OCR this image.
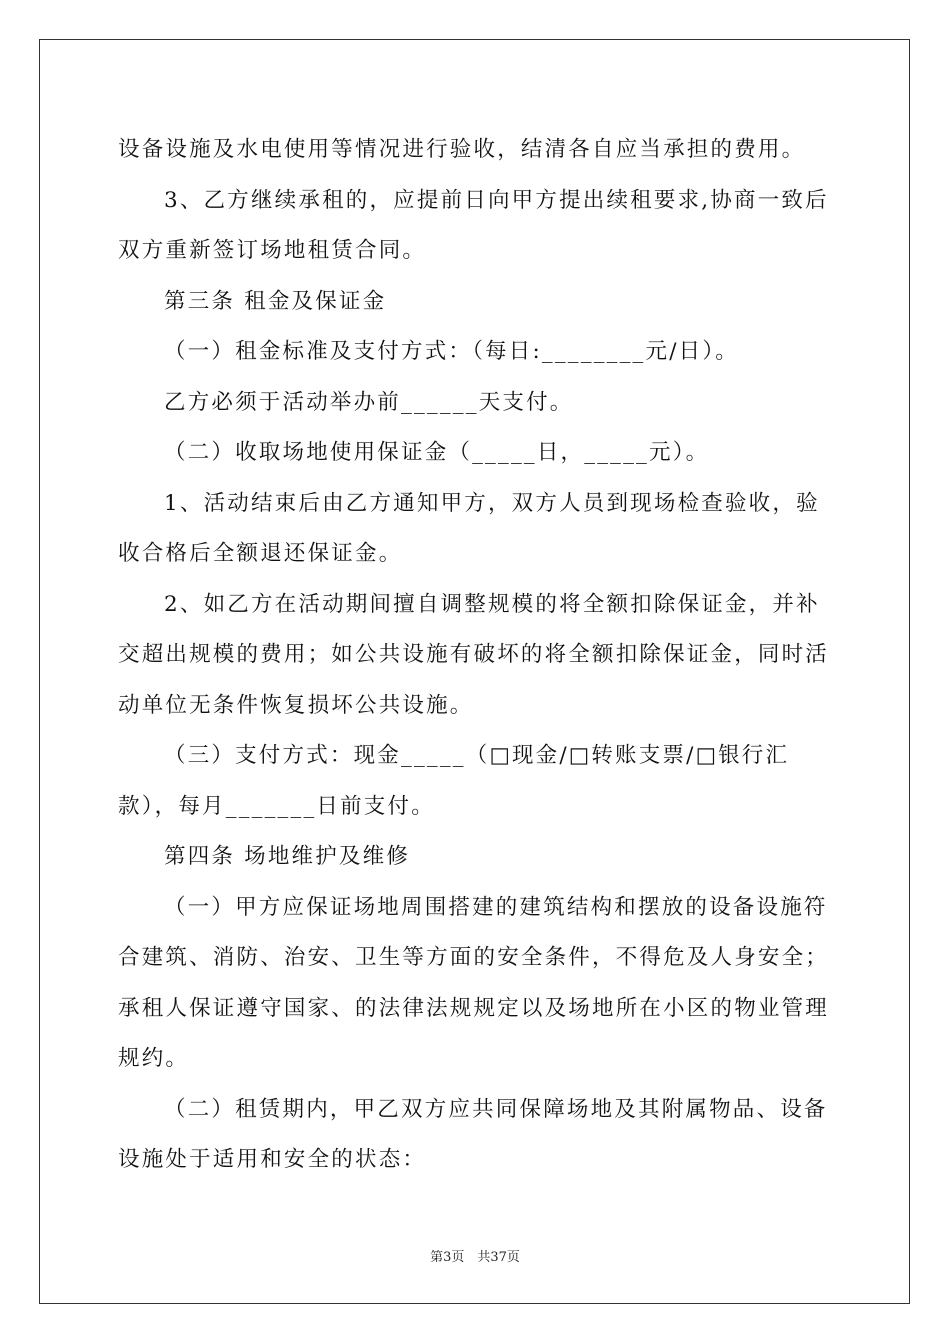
设备设施及水电使用等情况进行验收，结清各自应当承担的费用。

3、乙方继续承租的，应提前日向甲方提出续租要求,协商一致后双方重新签订场地租赁合同。

第三条 租金及保证金

（一）租金标准及支付方式：（每日:________元/日）。

乙方必须于活动举办前______天支付。

（二）收取场地使用保证金（_____日，_____元）。

1、活动结束后由乙方通知甲方，双方人员到现场检查验收，验收合格后全额退还保证金。

2、如乙方在活动期间擅自调整规模的将全额扣除保证金，并补交超出规模的费用；如公共设施有破坏的将全额扣除保证金，同时活动单位无条件恢复损坏公共设施。

（三）支付方式：现金_____（□现金/□转账支票/□银行汇款），每月_______日前支付。

第四条 场地维护及维修

（一）甲方应保证场地周围搭建的建筑结构和摆放的设备设施符合建筑、消防、治安、卫生等方面的安全条件，不得危及人身安全；承租人保证遵守国家、的法律法规规定以及场地所在小区的物业管理规约。

（二）租赁期内，甲乙双方应共同保障场地及其附属物品、设备设施处于适用和安全的状态：

第3页　共37页
